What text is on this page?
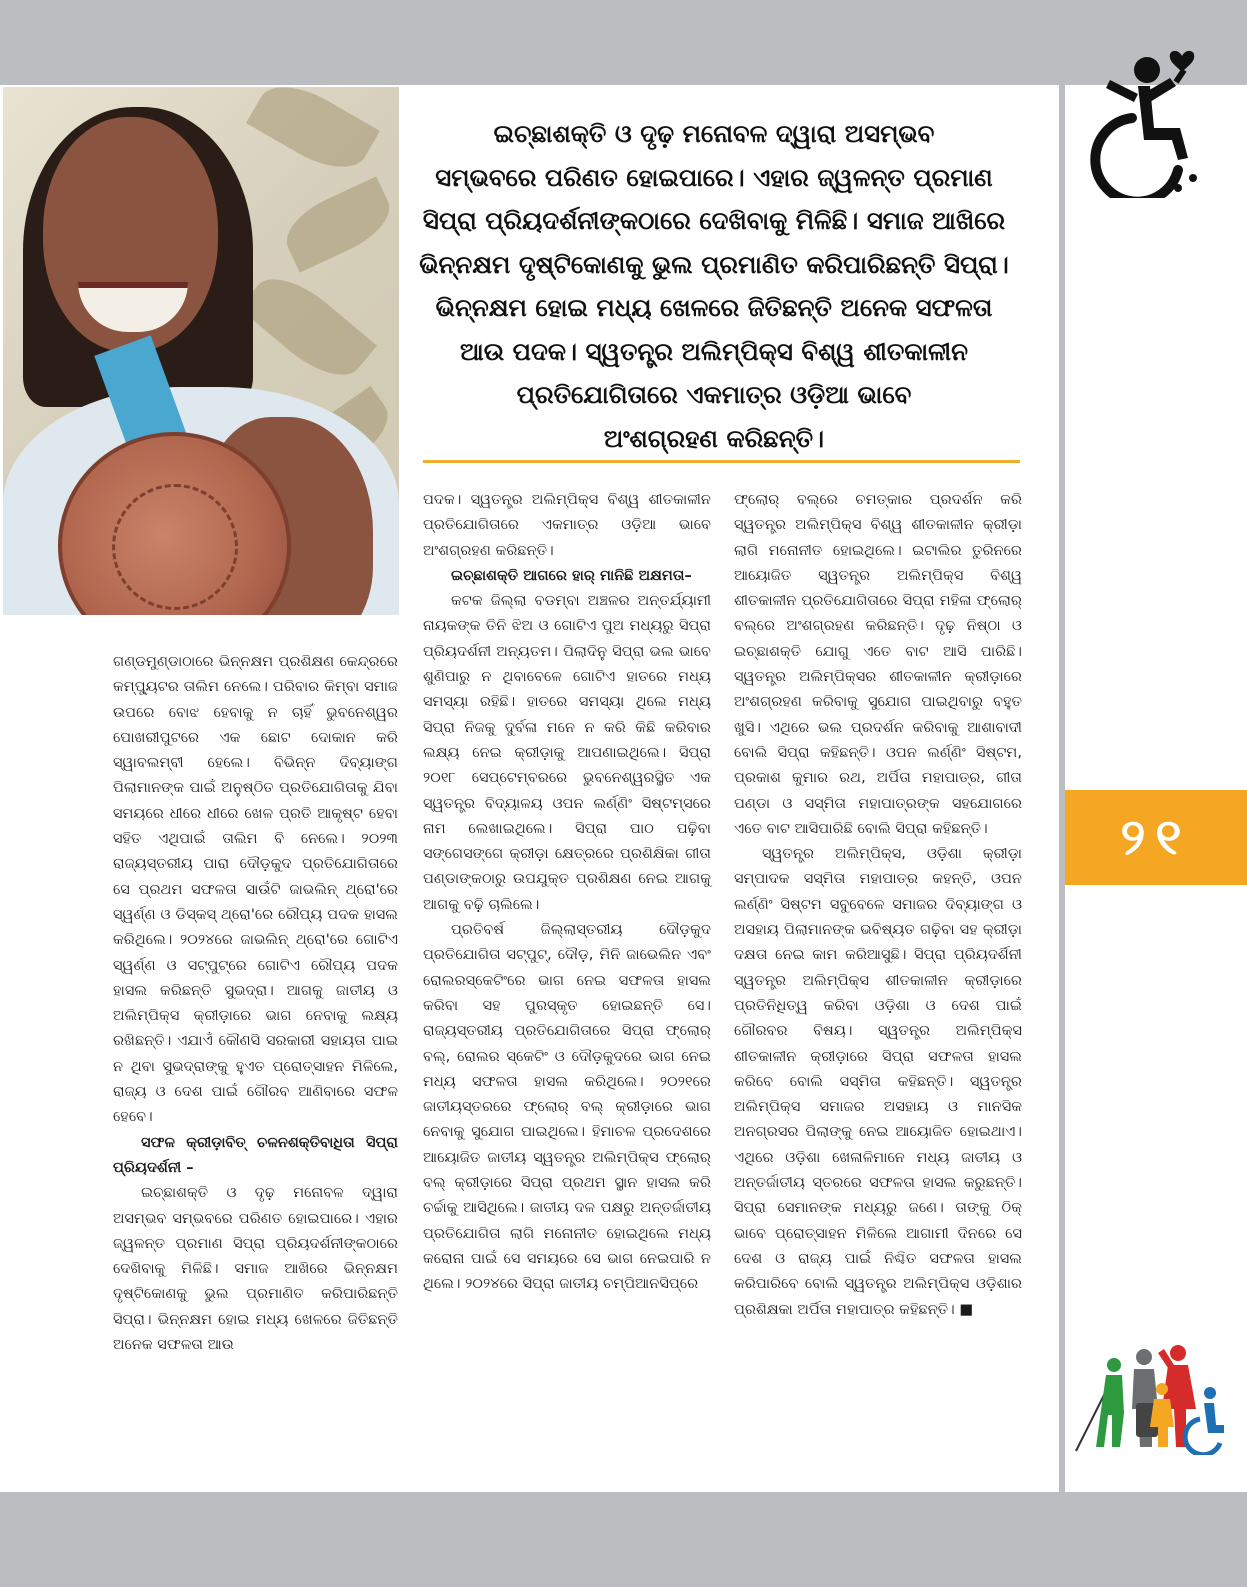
ଇଚ୍ଛାଶକ୍ତି ଓ ଦୃଢ଼ ମନୋବଳ ଦ୍ୱାରା ଅସମ୍ଭବ
ସମ୍ଭବରେ ପରିଣତ ହୋଇପାରେ। ଏହାର ଜ୍ୱଳନ୍ତ ପ୍ରମାଣ
ସିପ୍ରା ପ୍ରିୟଦର୍ଶନୀଙ୍କଠାରେ ଦେଖିବାକୁ ମିଳିଛି। ସମାଜ ଆଖିରେ
ଭିନ୍ନକ୍ଷମ ଦୃଷ୍ଟିକୋଣକୁ ଭୁଲ ପ୍ରମାଣିତ କରିପାରିଛନ୍ତି ସିପ୍ରା।
ଭିନ୍ନକ୍ଷମ ହୋଇ ମଧ୍ୟ ଖେଳରେ ଜିତିଛନ୍ତି ଅନେକ ସଫଳତା
ଆଉ ପଦକ। ସ୍ୱତନ୍ତ୍ର ଅଲିମ୍ପିକ୍ସ ବିଶ୍ୱ ଶୀତକାଳୀନ
ପ୍ରତିଯୋଗିତାରେ ଏକମାତ୍ର ଓଡ଼ିଆ ଭାବେ
ଅଂଶଗ୍ରହଣ କରିଛନ୍ତି।

ଗଣ୍ଡମୁଣ୍ଡାଠାରେ ଭିନ୍ନକ୍ଷମ ପ୍ରଶିକ୍ଷଣ କେନ୍ଦ୍ରରେ କମ୍ପ୍ୟୁଟର ତାଲିମ ନେଲେ। ପରିବାର କିମ୍ବା ସମାଜ ଉପରେ ବୋଝ ହେବାକୁ ନ ଚାହିଁ ଭୁବନେଶ୍ୱର ପୋଖରୀପୁଟରେ ଏକ ଛୋଟ ଦୋକାନ କରି ସ୍ୱାବଲମ୍ବୀ ହେଲେ। ବିଭିନ୍ନ ଦିବ୍ୟାଙ୍ଗ ପିଲାମାନଙ୍କ ପାଇଁ ଅନୁଷ୍ଠିତ ପ୍ରତିଯୋଗିତାକୁ ଯିବା ସମୟରେ ଧୀରେ ଧୀରେ ଖେଳ ପ୍ରତି ଆକୃଷ୍ଟ ହେବା ସହିତ ଏଥିପାଇଁ ତାଲିମ ବି ନେଲେ। ୨୦୨୩ ରାଜ୍ୟସ୍ତରୀୟ ପାରା ଦୌଡ଼କୁଦ ପ୍ରତିଯୋଗିତାରେ ସେ ପ୍ରଥମ ସଫଳତା ସାଉଁଟି ଜାଭଲିନ୍ ଥ୍ରୋ'ରେ ସ୍ୱର୍ଣ୍ଣ ଓ ଡିସ୍କସ୍ ଥ୍ରୋ'ରେ ରୌପ୍ୟ ପଦକ ହାସଲ କରିଥିଲେ। ୨୦୨୪ରେ ଜାଭଲିନ୍ ଥ୍ରୋ'ରେ ଗୋଟିଏ ସ୍ୱର୍ଣ୍ଣ ଓ ସଟ୍‌ପୁଟ୍‌ରେ ଗୋଟିଏ ରୌପ୍ୟ ପଦକ ହାସଲ କରିଛନ୍ତି ସୁଭଦ୍ରା। ଆଗକୁ ଜାତୀୟ ଓ ଅଲିମ୍ପିକ୍ସ କ୍ରୀଡ଼ାରେ ଭାଗ ନେବାକୁ ଲକ୍ଷ୍ୟ ରଖିଛନ୍ତି। ଏଯାଏଁ କୌଣସି ସରକାରୀ ସହାୟତା ପାଇ ନ ଥିବା ସୁଭଦ୍ରାଙ୍କୁ ହୁଏତ ପ୍ରୋତ୍ସାହନ ମିଳିଲେ, ରାଜ୍ୟ ଓ ଦେଶ ପାଇଁ ଗୌରବ ଆଣିବାରେ ସଫଳ ହେବେ।

ସଫଳ କ୍ରୀଡ଼ାବିତ୍ ଚଳନଶକ୍ତିବାଧିତା ସିପ୍ରା ପ୍ରିୟଦର୍ଶନୀ –

ଇଚ୍ଛାଶକ୍ତି ଓ ଦୃଢ଼ ମନୋବଳ ଦ୍ୱାରା ଅସମ୍ଭବ ସମ୍ଭବରେ ପରିଣତ ହୋଇପାରେ। ଏହାର ଜ୍ୱଳନ୍ତ ପ୍ରମାଣ ସିପ୍ରା ପ୍ରିୟଦର୍ଶନୀଙ୍କଠାରେ ଦେଖିବାକୁ ମିଳିଛି। ସମାଜ ଆଖିରେ ଭିନ୍ନକ୍ଷମ ଦୃଷ୍ଟିକୋଣକୁ ଭୁଲ ପ୍ରମାଣିତ କରିପାରିଛନ୍ତି ସିପ୍ରା। ଭିନ୍ନକ୍ଷମ ହୋଇ ମଧ୍ୟ ଖେଳରେ ଜିତିଛନ୍ତି ଅନେକ ସଫଳତା ଆଉ

ପଦକ। ସ୍ୱତନ୍ତ୍ର ଅଲିମ୍ପିକ୍ସ ବିଶ୍ୱ ଶୀତକାଳୀନ ପ୍ରତିଯୋଗିତାରେ ଏକମାତ୍ର ଓଡ଼ିଆ ଭାବେ ଅଂଶଗ୍ରହଣ କରିଛନ୍ତି।

ଇଚ୍ଛାଶକ୍ତି ଆଗରେ ହାର୍ ମାନିଛି ଅକ୍ଷମତା–

କଟକ ଜିଲ୍ଲା ବଡମ୍ବା ଅଞ୍ଚଳର ଅନ୍ତର୍ଯ୍ୟାମୀ ନାୟକଙ୍କ ତିନି ଝିଅ ଓ ଗୋଟିଏ ପୁଅ ମଧ୍ୟରୁ ସିପ୍ରା ପ୍ରିୟଦର୍ଶନୀ ଅନ୍ୟତମ। ପିଲାଦିନୁ ସିପ୍ରା ଭଲ ଭାବେ ଶୁଣିପାରୁ ନ ଥିବାବେଳେ ଗୋଟିଏ ହାତରେ ମଧ୍ୟ ସମସ୍ୟା ରହିଛି। ହାତରେ ସମସ୍ୟା ଥିଲେ ମଧ୍ୟ ସିପ୍ରା ନିଜକୁ ଦୁର୍ବଳା ମନେ ନ କରି କିଛି କରିବାର ଲକ୍ଷ୍ୟ ନେଇ କ୍ରୀଡ଼ାକୁ ଆପଣାଇଥିଲେ। ସିପ୍ରା ୨୦୧୮ ସେପ୍ଟେମ୍ବରରେ ଭୁବନେଶ୍ୱରସ୍ଥିତ ଏକ ସ୍ୱତନ୍ତ୍ର ବିଦ୍ୟାଳୟ ଓପନ ଲର୍ଣ୍ଣିଂ ସିଷ୍ଟମ୍‌ସରେ ନାମ ଲେଖାଇଥିଲେ। ସିପ୍ରା ପାଠ ପଢ଼ିବା ସଙ୍ଗେସଙ୍ଗେ କ୍ରୀଡ଼ା କ୍ଷେତ୍ରରେ ପ୍ରଶିକ୍ଷିକା ଗୀତା ପଣ୍ଡାଙ୍କଠାରୁ ଉପଯୁକ୍ତ ପ୍ରଶିକ୍ଷଣ ନେଇ ଆଗକୁ ଆଗକୁ ବଢ଼ି ଚାଲିଲେ।

ପ୍ରତିବର୍ଷ ଜିଲ୍ଲାସ୍ତରୀୟ ଦୌଡ଼କୁଦ ପ୍ରତିଯୋଗିତା ସଟ୍‌ପୁଟ୍, ଦୌଡ଼, ମିନି ଜାଭେଲିନ ଏବଂ ରୋଲରସ୍କେଟିଂରେ ଭାଗ ନେଇ ସଫଳତା ହାସଲ କରିବା ସହ ପୁରସ୍କୃତ ହୋଇଛନ୍ତି ସେ। ରାଜ୍ୟସ୍ତରୀୟ ପ୍ରତିଯୋଗିତାରେ ସିପ୍ରା ଫ୍ଲୋର୍ ବଲ୍, ରୋଲର ସ୍କେଟିଂ ଓ ଦୌଡ଼କୁଦରେ ଭାଗ ନେଇ ମଧ୍ୟ ସଫଳତା ହାସଲ କରିଥିଲେ। ୨୦୨୧ରେ ଜାତୀୟସ୍ତରରେ ଫ୍ଲୋର୍ ବଲ୍ କ୍ରୀଡ଼ାରେ ଭାଗ ନେବାକୁ ସୁଯୋଗ ପାଇଥିଲେ। ହିମାଚଳ ପ୍ରଦେଶରେ ଆୟୋଜିତ ଜାତୀୟ ସ୍ୱତନ୍ତ୍ର ଅଲିମ୍ପିକ୍ସ ଫ୍ଲୋର୍ ବଲ୍ କ୍ରୀଡ଼ାରେ ସିପ୍ରା ପ୍ରଥମ ସ୍ଥାନ ହାସଲ କରି ଚର୍ଚ୍ଚାକୁ ଆସିଥିଲେ। ଜାତୀୟ ଦଳ ପକ୍ଷରୁ ଅନ୍ତର୍ଜାତୀୟ ପ୍ରତିଯୋଗିତା ଲାଗି ମନୋନୀତ ହୋଇଥିଲେ ମଧ୍ୟ କରୋନା ପାଇଁ ସେ ସମୟରେ ସେ ଭାଗ ନେଇପାରି ନ ଥିଲେ। ୨୦୨୪ରେ ସିପ୍ରା ଜାତୀୟ ଚମ୍ପିଆନସିପ୍‌ରେ

ଫ୍ଲୋର୍ ବଲ୍‌ରେ ଚମତ୍କାର ପ୍ରଦର୍ଶନ କରି ସ୍ୱତନ୍ତ୍ର ଅଲିମ୍ପିକ୍ସ ବିଶ୍ୱ ଶୀତକାଳୀନ କ୍ରୀଡ଼ା ଲାଗି ମନୋନୀତ ହୋଇଥିଲେ। ଇଟାଲିର ତୁରିନରେ ଆୟୋଜିତ ସ୍ୱତନ୍ତ୍ର ଅଲିମ୍ପିକ୍ସ ବିଶ୍ୱ ଶୀତକାଳୀନ ପ୍ରତିଯୋଗିତାରେ ସିପ୍ରା ମହିଳା ଫ୍ଲୋର୍ ବଲ୍‌ରେ ଅଂଶଗ୍ରହଣ କରିଛନ୍ତି। ଦୃଢ଼ ନିଷ୍ଠା ଓ ଇଚ୍ଛାଶକ୍ତି ଯୋଗୁ ଏତେ ବାଟ ଆସି ପାରିଛି। ସ୍ୱତନ୍ତ୍ର ଅଲିମ୍ପିକ୍ସର ଶୀତକାଳୀନ କ୍ରୀଡ଼ାରେ ଅଂଶଗ୍ରହଣ କରିବାକୁ ସୁଯୋଗ ପାଇଥିବାରୁ ବହୁତ ଖୁସି। ଏଥିରେ ଭଲ ପ୍ରଦର୍ଶନ କରିବାକୁ ଆଶାବାଦୀ ବୋଲି ସିପ୍ରା କହିଛନ୍ତି। ଓପନ ଲର୍ଣ୍ଣିଂ ସିଷ୍ଟମ, ପ୍ରକାଶ କୁମାର ରଥ, ଅର୍ପିତା ମହାପାତ୍ର, ଗୀତା ପଣ୍ଡା ଓ ସସ୍ମିତା ମହାପାତ୍ରଙ୍କ ସହଯୋଗରେ ଏତେ ବାଟ ଆସିପାରିଛି ବୋଲି ସିପ୍ରା କହିଛନ୍ତି।

ସ୍ୱତନ୍ତ୍ର ଅଲିମ୍ପିକ୍ସ, ଓଡ଼ିଶା କ୍ରୀଡ଼ା ସମ୍ପାଦକ ସସ୍ମିତା ମହାପାତ୍ର କହନ୍ତି, ଓପନ ଲର୍ଣ୍ଣିଂ ସିଷ୍ଟମ ସବୁବେଳେ ସମାଜର ଦିବ୍ୟାଙ୍ଗ ଓ ଅସହାୟ ପିଲାମାନଙ୍କ ଭବିଷ୍ୟତ ଗଢ଼ିବା ସହ କ୍ରୀଡ଼ା ଦକ୍ଷତା ନେଇ କାମ କରିଆସୁଛି। ସିପ୍ରା ପ୍ରିୟଦର୍ଶିନୀ ସ୍ୱତନ୍ତ୍ର ଅଲିମ୍ପିକ୍ସ ଶୀତକାଳୀନ କ୍ରୀଡ଼ାରେ ପ୍ରତିନିଧିତ୍ୱ କରିବା ଓଡ଼ିଶା ଓ ଦେଶ ପାଇଁ ଗୌରବର ବିଷୟ। ସ୍ୱତନ୍ତ୍ର ଅଲିମ୍ପିକ୍ସ ଶୀତକାଳୀନ କ୍ରୀଡ଼ାରେ ସିପ୍ରା ସଫଳତା ହାସଲ କରିବେ ବୋଲି ସସ୍ମିତା କହିଛନ୍ତି। ସ୍ୱତନ୍ତ୍ର ଅଲିମ୍ପିକ୍ସ ସମାଜର ଅସହାୟ ଓ ମାନସିକ ଅନଗ୍ରସର ପିଲାଙ୍କୁ ନେଇ ଆୟୋଜିତ ହୋଇଥାଏ। ଏଥିରେ ଓଡ଼ିଶା ଖେଳାଳିମାନେ ମଧ୍ୟ ଜାତୀୟ ଓ ଅନ୍ତର୍ଜାତୀୟ ସ୍ତରରେ ସଫଳତା ହାସଲ କରୁଛନ୍ତି। ସିପ୍ରା ସେମାନଙ୍କ ମଧ୍ୟରୁ ଜଣେ। ତାଙ୍କୁ ଠିକ୍ ଭାବେ ପ୍ରୋତ୍ସାହନ ମିଳିଲେ ଆଗାମୀ ଦିନରେ ସେ ଦେଶ ଓ ରାଜ୍ୟ ପାଇଁ ନିଶ୍ଚିତ ସଫଳତା ହାସଲ କରିପାରିବେ ବୋଲି ସ୍ୱତନ୍ତ୍ର ଅଲିମ୍ପିକ୍ସ ଓଡ଼ିଶାର ପ୍ରଶିକ୍ଷକା ଅର୍ପିତା ମହାପାତ୍ର କହିଛନ୍ତି। ■

୨୧
